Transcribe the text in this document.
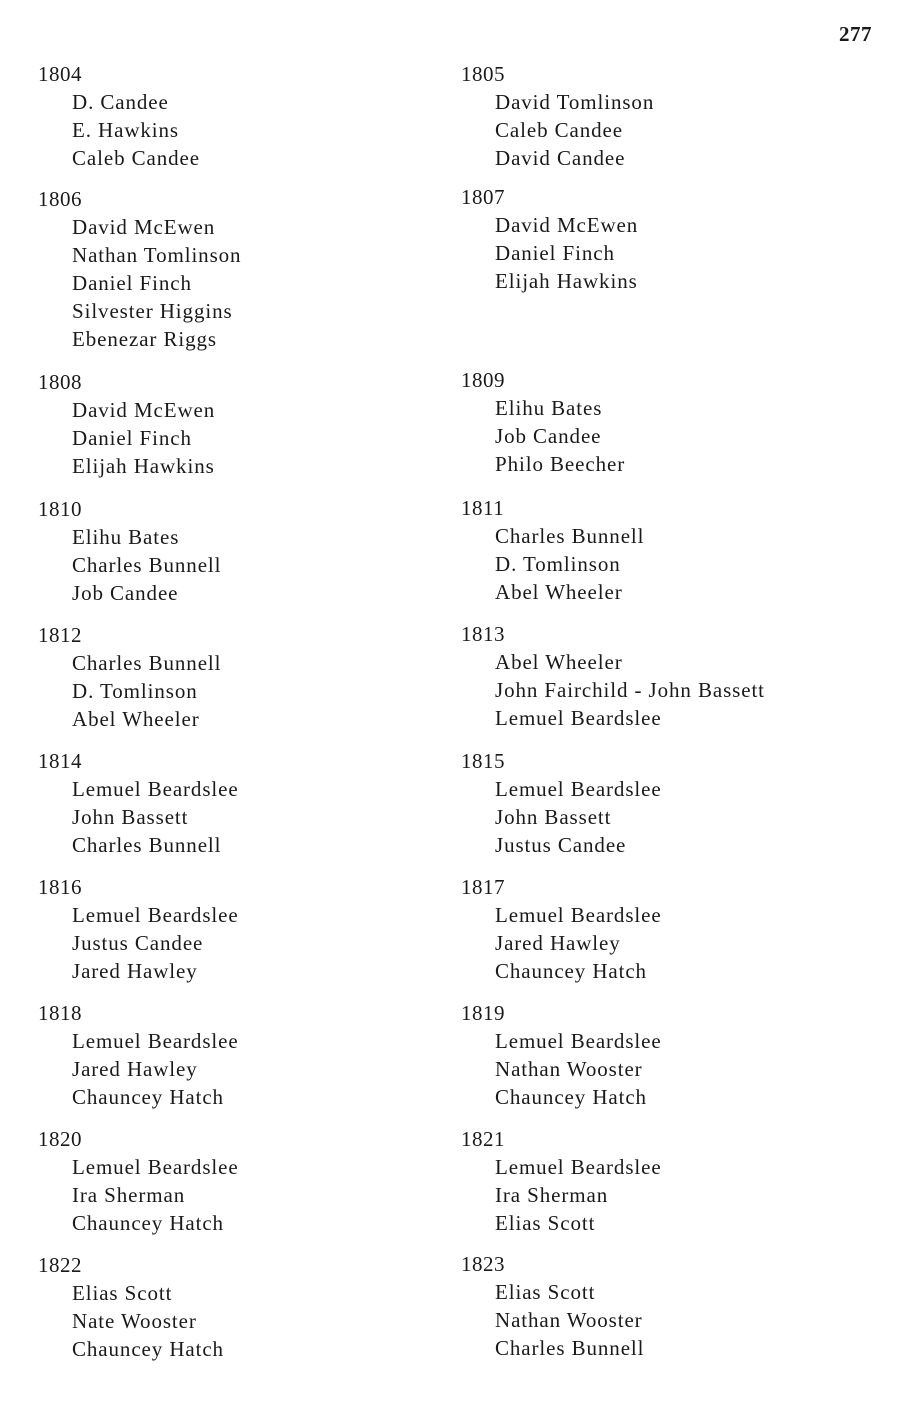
277
1804
D. Candee
E. Hawkins
Caleb Candee
1806
David McEwen
Nathan Tomlinson
Daniel Finch
Silvester Higgins
Ebenezar Riggs
1808
David McEwen
Daniel Finch
Elijah Hawkins
1810
Elihu Bates
Charles Bunnell
Job Candee
1812
Charles Bunnell
D. Tomlinson
Abel Wheeler
1814
Lemuel Beardslee
John Bassett
Charles Bunnell
1816
Lemuel Beardslee
Justus Candee
Jared Hawley
1818
Lemuel Beardslee
Jared Hawley
Chauncey Hatch
1820
Lemuel Beardslee
Ira Sherman
Chauncey Hatch
1822
Elias Scott
Nate Wooster
Chauncey Hatch
1805
David Tomlinson
Caleb Candee
David Candee
1807
David McEwen
Daniel Finch
Elijah Hawkins
1809
Elihu Bates
Job Candee
Philo Beecher
1811
Charles Bunnell
D. Tomlinson
Abel Wheeler
1813
Abel Wheeler
John Fairchild - John Bassett
Lemuel Beardslee
1815
Lemuel Beardslee
John Bassett
Justus Candee
1817
Lemuel Beardslee
Jared Hawley
Chauncey Hatch
1819
Lemuel Beardslee
Nathan Wooster
Chauncey Hatch
1821
Lemuel Beardslee
Ira Sherman
Elias Scott
1823
Elias Scott
Nathan Wooster
Charles Bunnell
